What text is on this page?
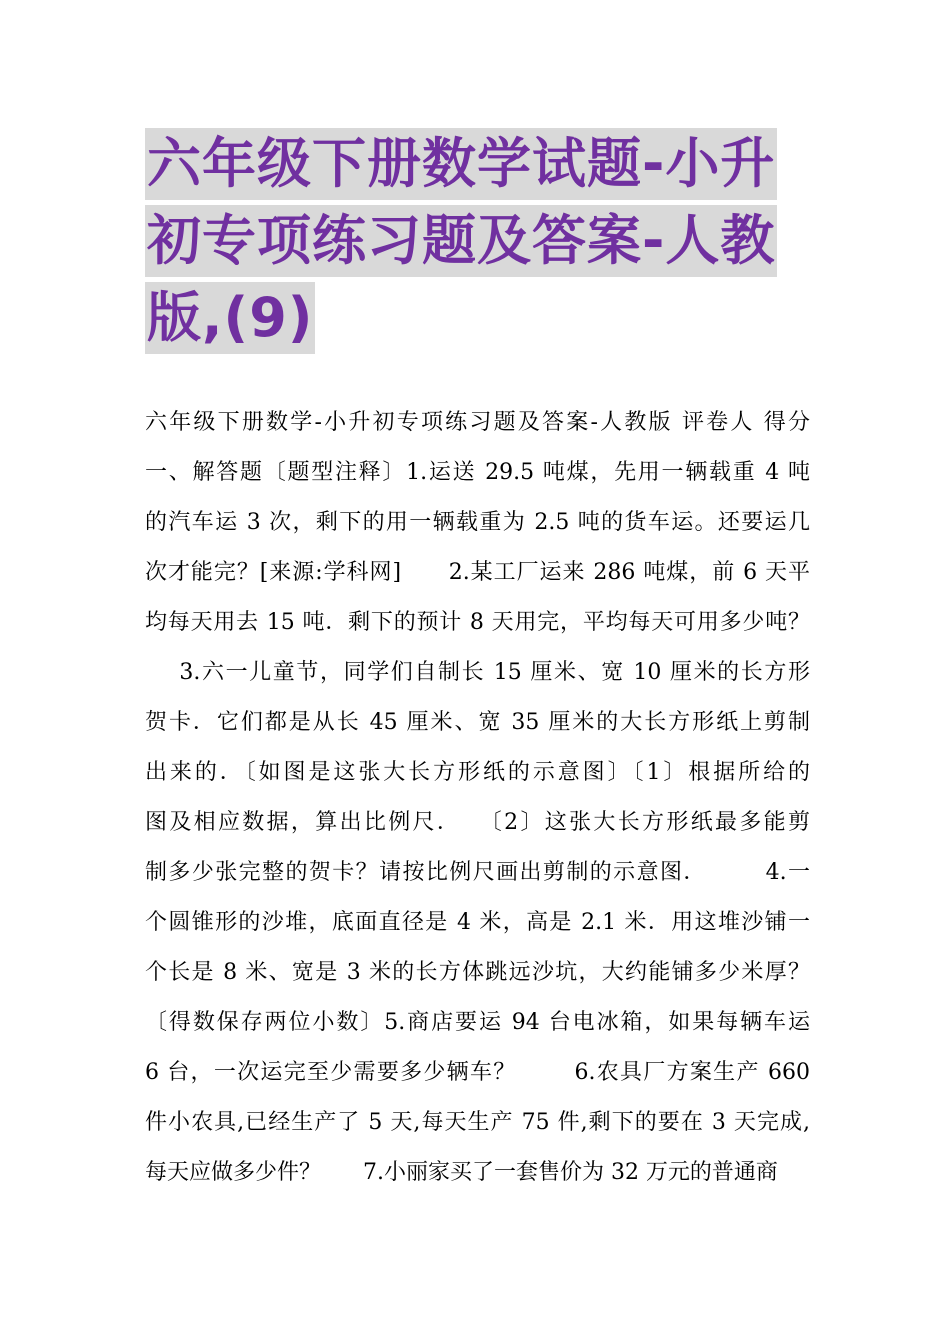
六年级下册数学试题-小升
初专项练习题及答案-人教
版,(9)
六年级下册数学-小升初专项练习题及答案-人教版 评卷人 得分
一、解答题〔题型注释〕1.运送 29.5 吨煤，先用一辆载重 4 吨
的汽车运 3 次，剩下的用一辆载重为 2.5 吨的货车运。还要运几
次才能完？[来源:学科网]      2.某工厂运来 286 吨煤，前 6 天平
均每天用去 15 吨．剩下的预计 8 天用完，平均每天可用多少吨？
3.六一儿童节，同学们自制长 15 厘米、宽 10 厘米的长方形
贺卡．它们都是从长 45 厘米、宽 35 厘米的大长方形纸上剪制
出来的．〔如图是这张大长方形纸的示意图〕〔1〕根据所给的
图及相应数据，算出比例尺．  〔2〕这张大长方形纸最多能剪
制多少张完整的贺卡？请按比例尺画出剪制的示意图．       4.一
个圆锥形的沙堆，底面直径是 4 米，高是 2.1 米．用这堆沙铺一
个长是 8 米、宽是 3 米的长方体跳远沙坑，大约能铺多少米厚？
〔得数保存两位小数〕5.商店要运 94 台电冰箱，如果每辆车运
6 台，一次运完至少需要多少辆车？       6.农具厂方案生产 660
件小农具,已经生产了 5 天,每天生产 75 件,剩下的要在 3 天完成,
每天应做多少件？      7.小丽家买了一套售价为 32 万元的普通商
